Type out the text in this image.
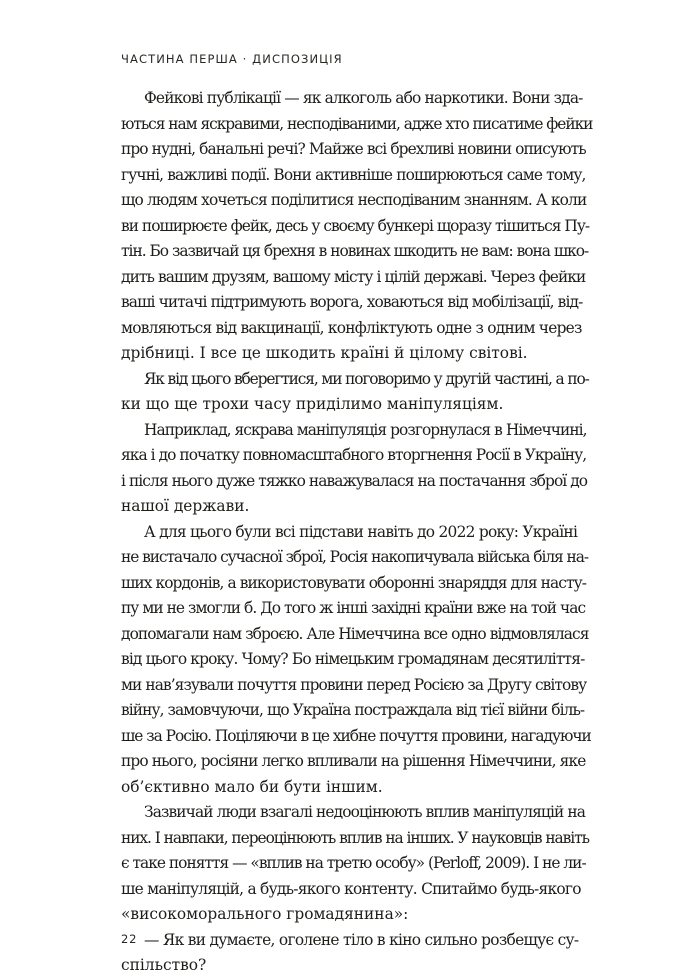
ЧАСТИНА ПЕРША · ДИСПОЗИЦІЯ
Фейкові публікації — як алкоголь або наркотики. Вони зда-
ються нам яскравими, несподіваними, адже хто писатиме фейки
про нудні, банальні речі? Майже всі брехливі новини описують
гучні, важливі події. Вони активніше поширюються саме тому,
що людям хочеться поділитися несподіваним знанням. А коли
ви поширюєте фейк, десь у своєму бункері щоразу тішиться Пу-
тін. Бо зазвичай ця брехня в новинах шкодить не вам: вона шко-
дить вашим друзям, вашому місту і цілій державі. Через фейки
ваші читачі підтримують ворога, ховаються від мобілізації, від-
мовляються від вакцинації, конфліктують одне з одним через
дрібниці. І все це шкодить країні й цілому світові.
Як від цього вберегтися, ми поговоримо у другій частині, а по-
ки що ще трохи часу приділимо маніпуляціям.
Наприклад, яскрава маніпуляція розгорнулася в Німеччині,
яка і до початку повномасштабного вторгнення Росії в Україну,
і після нього дуже тяжко наважувалася на постачання зброї до
нашої держави.
А для цього були всі підстави навіть до 2022 року: Україні
не вистачало сучасної зброї, Росія накопичувала війська біля на-
ших кордонів, а використовувати оборонні знаряддя для насту-
пу ми не змогли б. До того ж інші західні країни вже на той час
допомагали нам зброєю. Але Німеччина все одно відмовлялася
від цього кроку. Чому? Бо німецьким громадянам десятиліття-
ми нав’язували почуття провини перед Росією за Другу світову
війну, замовчуючи, що Україна постраждала від тієї війни біль-
ше за Росію. Поціляючи в це хибне почуття провини, нагадуючи
про нього, росіяни легко впливали на рішення Німеччини, яке
об’єктивно мало би бути іншим.
Зазвичай люди взагалі недооцінюють вплив маніпуляцій на
них. І навпаки, переоцінюють вплив на інших. У науковців навіть
є таке поняття — «вплив на третю особу» (Perloff, 2009). І не ли-
ше маніпуляцій, а будь-якого контенту. Спитаймо будь-якого
«високоморального громадянина»:
— Як ви думаєте, оголене тіло в кіно сильно розбещує су-
спільство?
22
